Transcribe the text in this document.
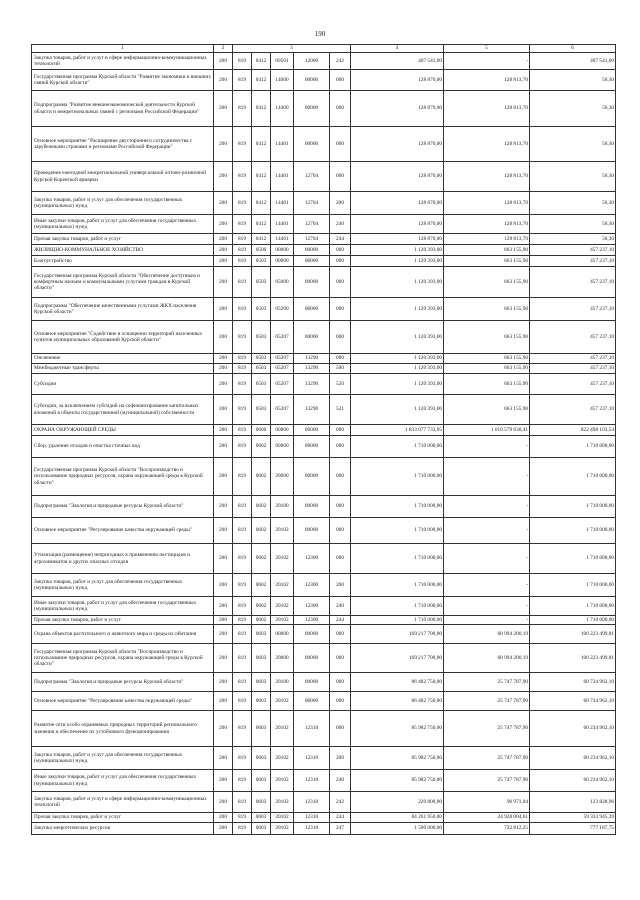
190
1	2	3					4	5	6
Закупка товаров, работ и услуг в сфере информационно-коммуникационных технологий	200	819	0412	09501	12000	242	407 541,00	-	407 541,00
Государственная программа Курской области "Развитие экономики и внешних связей Курской области"	200	819	0412	14000	00000	000	128 870,00	128 813,70	56,30
Подпрограмма "Развитие внешнеэкономической деятельности Курской области и межрегиональных связей с регионами Российской Федерации"	200	819	0412	14400	00000	000	128 870,00	128 813,70	56,30
Основное мероприятие "Расширение двустороннего сотрудничества с зарубежными странами и регионами Российской Федерации"	200	819	0412	14401	00000	000	128 870,00	128 813,70	56,30
Проведение ежегодной межрегиональной универсальной оптово-розничной Курской Коренской ярмарки	200	819	0412	14401	12704	000	128 870,00	128 813,70	56,30
Закупка товаров, работ и услуг для обеспечения государственных (муниципальных) нужд	200	819	0412	14401	12704	200	128 870,00	128 813,70	56,30
Иные закупки товаров, работ и услуг для обеспечения государственных (муниципальных) нужд	200	819	0412	14401	12704	240	128 870,00	128 813,70	56,30
Прочая закупка товаров, работ и услуг	200	819	0412	14401	12704	244	128 870,00	128 813,70	56,30
ЖИЛИЩНО-КОММУНАЛЬНОЕ ХОЗЯЙСТВО	200	819	0500	00000	00000	000	1 120 393,00	663 155,90	457 237,10
Благоустройство	200	819	0503	00000	00000	000	1 120 393,00	663 155,90	457 237,10
Государственная программа Курской области "Обеспечение доступным и комфортным жильем и коммунальными услугами граждан в Курской области"	200	819	0503	05000	00000	000	1 120 393,00	663 155,90	457 237,10
Подпрограмма "Обеспечение качественными услугами ЖКХ населения Курской области"	200	819	0503	05200	00000	000	1 120 393,00	663 155,90	457 237,10
Основное мероприятие "Содействие в оснащении территорий населенных пунктов муниципальных образований Курской области"	200	819	0503	05207	00000	000	1 120 393,00	663 155,90	457 237,10
Озеленение	200	819	0503	05207	13290	000	1 120 393,00	663 155,90	457 237,10
Межбюджетные трансферты	200	819	0503	05207	13290	500	1 120 393,00	663 155,90	457 237,10
Субсидии	200	819	0503	05207	13290	520	1 120 393,00	663 155,90	457 237,10
Субсидии, за исключением субсидий на софинансирование капитальных вложений в объекты государственной (муниципальной) собственности	200	819	0503	05207	13290	521	1 120 393,00	663 155,90	457 237,10
ОХРАНА ОКРУЖАЮЩЕЙ СРЕДЫ	200	819	0600	00000	00000	000	1 833 077 733,95	1 010 579 630,41	822 498 103,54
Сбор, удаление отходов и очистка сточных вод	200	819	0602	00000	00000	000	1 710 000,00	-	1 710 000,00
Государственная программа Курской области "Воспроизводство и использование природных ресурсов, охрана окружающей среды в Курской области"	200	819	0602	20000	00000	000	1 710 000,00	-	1 710 000,00
Подпрограмма "Экология и природные ресурсы Курской области"	200	819	0602	20100	00000	000	1 710 000,00	-	1 710 000,00
Основное мероприятие "Регулирование качества окружающей среды"	200	819	0602	20102	00000	000	1 710 000,00	-	1 710 000,00
Утилизация (размещение) непригодных к применению пестицидов и агрохимикатов и других опасных отходов	200	819	0602	20102	12300	000	1 710 000,00	-	1 710 000,00
Закупка товаров, работ и услуг для обеспечения государственных (муниципальных) нужд	200	819	0602	20102	12300	200	1 710 000,00	-	1 710 000,00
Иные закупки товаров, работ и услуг для обеспечения государственных (муниципальных) нужд	200	819	0602	20102	12300	240	1 710 000,00	-	1 710 000,00
Прочая закупка товаров, работ и услуг	200	819	0602	20102	12300	244	1 710 000,00	-	1 710 000,00
Охрана объектов растительного и животного мира и среды их обитания	200	819	0603	00000	00000	000	169 217 700,00	68 994 200,19	100 223 499,81
Государственная программа Курской области "Воспроизводство и использование природных ресурсов, охрана окружающей среды в Курской области"	200	819	0603	20000	00000	000	169 217 700,00	68 994 200,19	100 223 499,81
Подпрограмма "Экология и природные ресурсы Курской области"	200	819	0603	20100	00000	000	86 482 750,00	25 747 787,90	60 734 962,10
Основное мероприятие "Регулирование качества окружающей среды"	200	819	0603	20102	00000	000	86 482 750,00	25 747 787,90	60 734 962,10
Развитие сети особо охраняемых природных территорий регионального значения и обеспечение их устойчивого функционирования	200	819	0603	20102	12310	000	85 982 750,00	25 747 787,90	60 234 962,10
Закупка товаров, работ и услуг для обеспечения государственных (муниципальных) нужд	200	819	0603	20102	12310	200	85 982 750,00	25 747 787,90	60 234 962,10
Иные закупки товаров, работ и услуг для обеспечения государственных (муниципальных) нужд	200	819	0603	20102	12310	240	85 982 750,00	25 747 787,90	60 234 962,10
Закупка товаров, работ и услуг в сфере информационно-коммуникационных технологий	200	819	0603	20102	12310	242	220 800,00	96 971,04	123 828,96
Прочая закупка товаров, работ и услуг	200	819	0603	20102	12310	244	84 261 950,00	24 928 004,61	59 333 945,39
Закупка энергетических ресурсов	200	819	0603	20102	12310	247	1 500 000,00	722 812,25	777 187,75
